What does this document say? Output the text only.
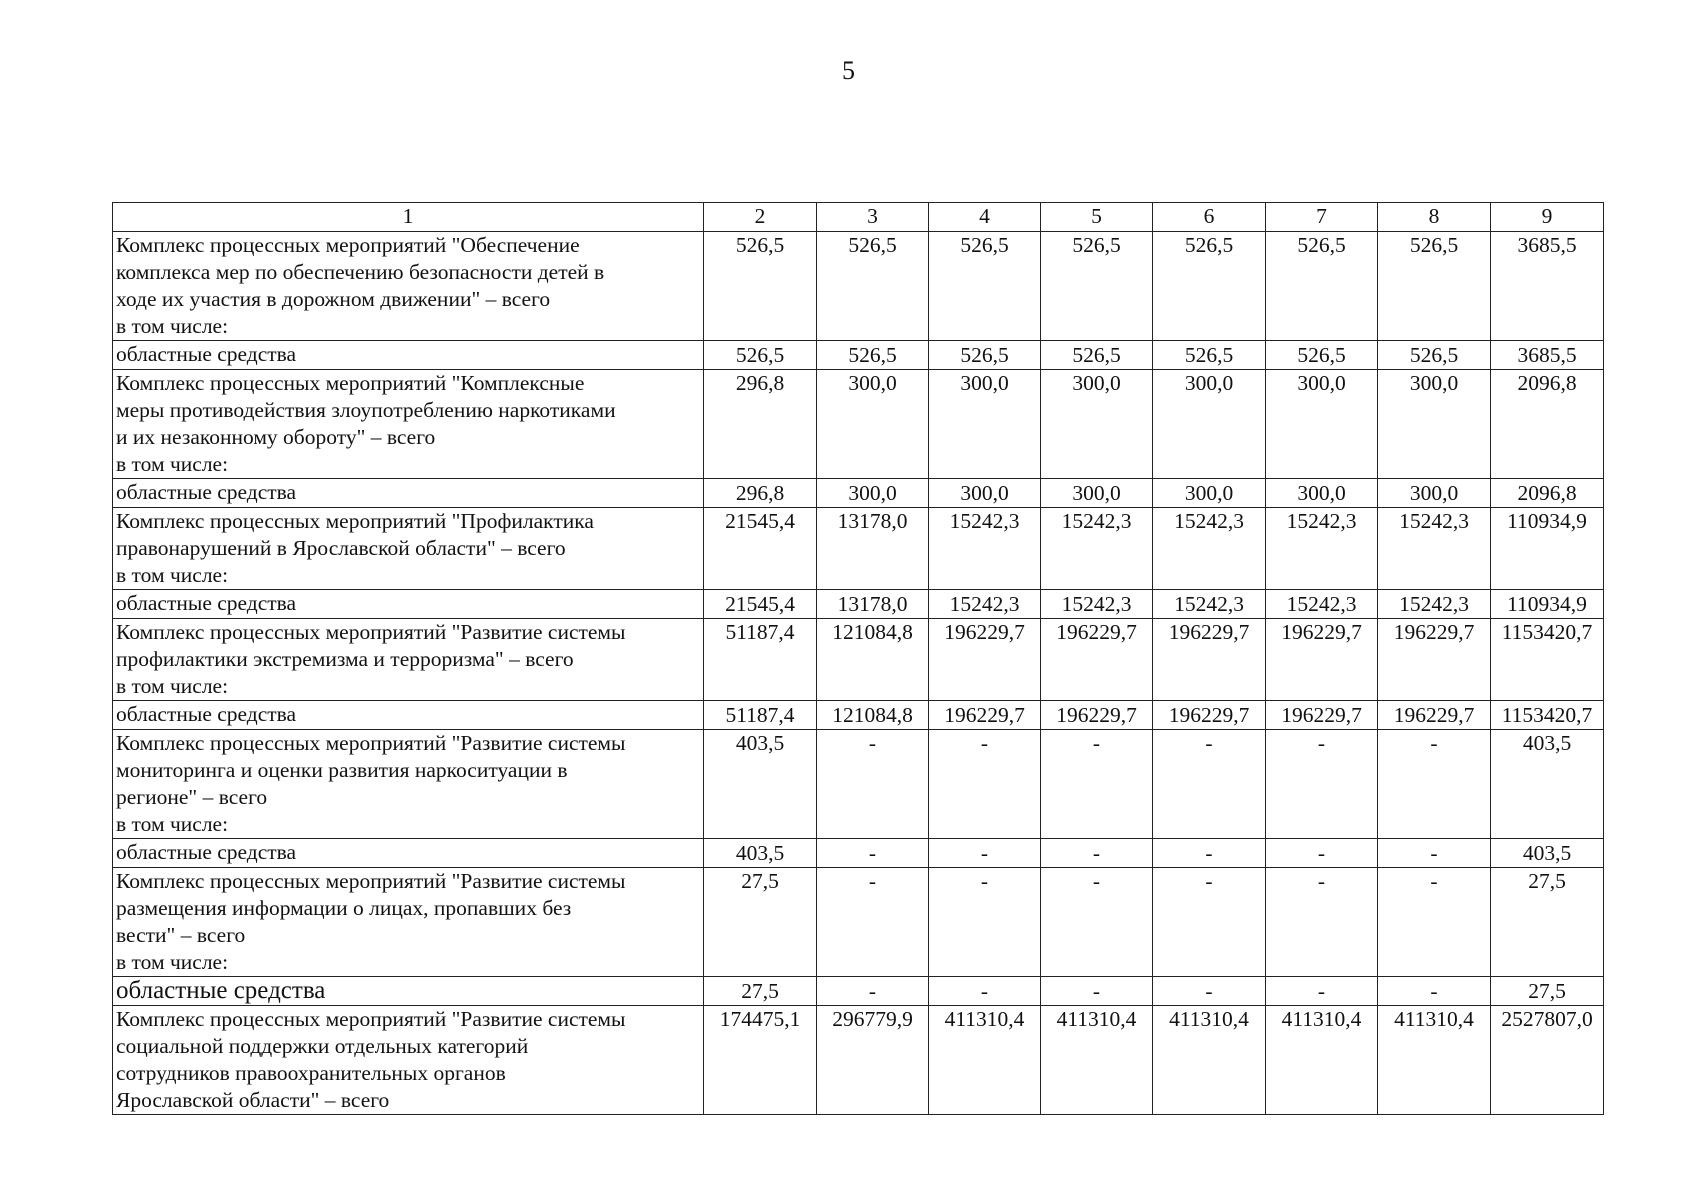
5
1	2	3	4	5	6	7	8	9
Комплекс процессных мероприятий "Обеспечение
комплекса мер по обеспечению безопасности детей в
ходе их участия в дорожном движении" – всего
в том числе:	526,5	526,5	526,5	526,5	526,5	526,5	526,5	3685,5
областные средства	526,5	526,5	526,5	526,5	526,5	526,5	526,5	3685,5
Комплекс процессных мероприятий "Комплексные
меры противодействия злоупотреблению наркотиками
и их незаконному обороту" – всего
в том числе:	296,8	300,0	300,0	300,0	300,0	300,0	300,0	2096,8
областные средства	296,8	300,0	300,0	300,0	300,0	300,0	300,0	2096,8
Комплекс процессных мероприятий "Профилактика
правонарушений в Ярославской области" – всего
в том числе:	21545,4	13178,0	15242,3	15242,3	15242,3	15242,3	15242,3	110934,9
областные средства	21545,4	13178,0	15242,3	15242,3	15242,3	15242,3	15242,3	110934,9
Комплекс процессных мероприятий "Развитие системы
профилактики экстремизма и терроризма" – всего
в том числе:	51187,4	121084,8	196229,7	196229,7	196229,7	196229,7	196229,7	1153420,7
областные средства	51187,4	121084,8	196229,7	196229,7	196229,7	196229,7	196229,7	1153420,7
Комплекс процессных мероприятий "Развитие системы
мониторинга и оценки развития наркоситуации в
регионе" – всего
в том числе:	403,5	-	-	-	-	-	-	403,5
областные средства	403,5	-	-	-	-	-	-	403,5
Комплекс процессных мероприятий "Развитие системы
размещения информации о лицах, пропавших без
вести" – всего
в том числе:	27,5	-	-	-	-	-	-	27,5
областные средства	27,5	-	-	-	-	-	-	27,5
Комплекс процессных мероприятий "Развитие системы
социальной поддержки отдельных категорий
сотрудников правоохранительных органов
Ярославской области" – всего	174475,1	296779,9	411310,4	411310,4	411310,4	411310,4	411310,4	2527807,0
